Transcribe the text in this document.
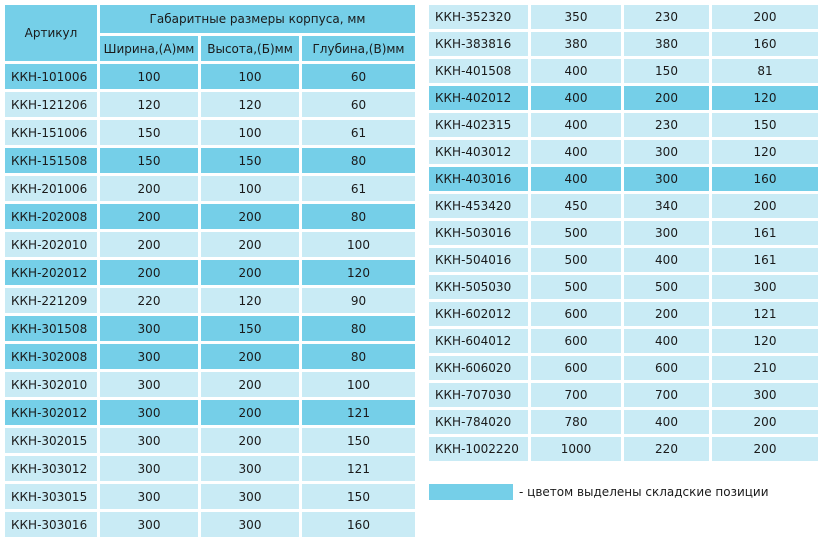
Артикул	Габаритные размеры корпуса, мм		
	Ширина,(А)мм	Высота,(Б)мм	Глубина,(В)мм
ККН-101006	100	100	60
ККН-121206	120	120	60
ККН-151006	150	100	61
ККН-151508	150	150	80
ККН-201006	200	100	61
ККН-202008	200	200	80
ККН-202010	200	200	100
ККН-202012	200	200	120
ККН-221209	220	120	90
ККН-301508	300	150	80
ККН-302008	300	200	80
ККН-302010	300	200	100
ККН-302012	300	200	121
ККН-302015	300	200	150
ККН-303012	300	300	121
ККН-303015	300	300	150
ККН-303016	300	300	160
ККН-352320	350	230	200
ККН-383816	380	380	160
ККН-401508	400	150	81
ККН-402012	400	200	120
ККН-402315	400	230	150
ККН-403012	400	300	120
ККН-403016	400	300	160
ККН-453420	450	340	200
ККН-503016	500	300	161
ККН-504016	500	400	161
ККН-505030	500	500	300
ККН-602012	600	200	121
ККН-604012	600	400	120
ККН-606020	600	600	210
ККН-707030	700	700	300
ККН-784020	780	400	200
ККН-1002220	1000	220	200
- цветом выделены складские позиции
